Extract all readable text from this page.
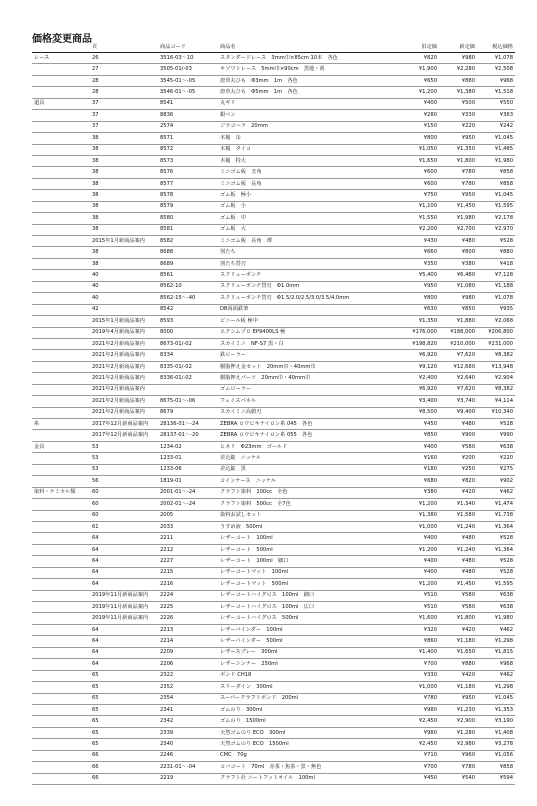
価格変更商品
	頁	商品コード	商品名	旧定価	新定価	税込価格
レース	26	3516-03〜10	スタンダードレース　3mm巾×85cm 10本　各色	¥820	¥980	¥1,078
	27	3505-01/-03	キソワトレース　5mm巾×90cm　黒地・黄	¥1,900	¥2,280	¥2,508
	28	3545-01〜-05	唐草丸ひも　Φ3mm　1m　各色	¥650	¥880	¥968
	28	3546-01〜-05	唐草丸ひも　Φ5mm　1m　各色	¥1,200	¥1,380	¥1,518
道具	37	8541	丸ギリ	¥400	¥500	¥550
	37	8836	銀ペン	¥280	¥330	¥363
	37	2574	ジラコヘラ　20mm	¥150	¥220	¥242
	38	8571	木槌　缶	¥800	¥950	¥1,045
	38	8572	木槌　タイコ	¥1,050	¥1,350	¥1,485
	38	8573	木槌　特大	¥1,650	¥1,800	¥1,980
	38	8576	ミニゴム板　丑角	¥600	¥780	¥858
	38	8577	ミニゴム板　長角	¥600	¥780	¥858
	38	8578	ゴム板　極小	¥750	¥950	¥1,045
	38	8579	ゴム板　小	¥1,100	¥1,450	¥1,595
	38	8580	ゴム板　中	¥1,550	¥1,980	¥2,178
	38	8581	ゴム板　大	¥2,200	¥2,700	¥2,970
	2015年1月新商品案内	8582	ミニゴム板　長角　薄	¥430	¥480	¥528
	38	8688	別たち	¥660	¥800	¥880
	38	8689	別たち替刃	¥350	¥380	¥418
	40	8561	スクリューポンチ	¥5,400	¥6,480	¥7,128
	40	8562-10	スクリューポンチ替刃　Φ1.0mm	¥950	¥1,080	¥1,188
	40	8562-15〜-40	スクリューポンチ替刃　Φ1.5/2.0/2.5/3.0/3.5/4.0mm	¥800	¥980	¥1,078
	42	8542	DB両面鉄筆	¥630	¥850	¥935
	2015年1月新商品案内	8593	ビニール板 極中	¥1,350	¥1,880	¥2,068
	2019年4月新商品案内	8000	エクシムプロ EP9400LS 極	¥176,000	¥188,000	¥206,800
	2021年2月新商品案内	8673-01/-02	スカイミニ　NF-S7 黒・白	¥198,820	¥210,000	¥231,000
	2021年2月新商品案内	8334	鉄ローラー	¥6,920	¥7,620	¥8,382
	2021年2月新商品案内	8335-01/-02	樹脂押え金セット　20mm巾・40mm巾	¥9,120	¥12,680	¥13,948
	2021年2月新商品案内	8336-01/-02	樹脂押えパーツ　20mm巾・40mm巾	¥2,400	¥2,640	¥2,904
	2021年2月新商品案内		ゴムローラー	¥6,920	¥7,620	¥8,382
	2021年2月新商品案内	8675-01〜-06	フェイスパネル	¥3,400	¥3,740	¥4,114
	2021年2月新商品案内	8679	スカイミニ高値刃	¥8,500	¥9,400	¥10,340
糸	2017年12月新商品案内	28136-01〜-24	ZEBRA ロウビキナイロン糸 045　各色	¥450	¥480	¥528
	2017年12月新商品案内	28137-01〜-20	ZEBRA ロウビキナイロン糸 055　各色	¥850	¥900	¥990
金具	53	1234-02	ヒネリ　Φ23mm　ゴールド	¥400	¥580	¥638
	53	1233-01	差込錠　ニッケル	¥160	¥200	¥220
	53	1233-06	差込錠　黒	¥180	¥250	¥275
	56	1819-01	コインケース　ニッケル	¥680	¥820	¥902
染料・ケミカル類	60	2001-01〜-24	クラフト染料　100cc　全色	¥380	¥420	¥462
	60	2002-01〜-24	クラフト染料　500cc　全7色	¥1,200	¥1,340	¥1,474
	60	2005	染料お試しセット	¥1,380	¥1,580	¥1,738
	61	2033	うすめ液　500ml	¥1,000	¥1,240	¥1,364
	64	2211	レザーコート　100ml	¥400	¥480	¥528
	64	2212	レザーコート　500ml	¥1,200	¥1,240	¥1,364
	64	2227	レザーコート　100ml　細口	¥400	¥480	¥528
	64	2215	レザーコートマット　100ml	¥400	¥480	¥528
	64	2216	レザーコートマット　500ml	¥1,200	¥1,450	¥1,595
	2019年11月新商品案内	2224	レザーコートハイグロス　100ml　細口	¥510	¥580	¥638
	2019年11月新商品案内	2225	レザーコートハイグロス　100ml　広口	¥510	¥580	¥638
	2019年11月新商品案内	2226	レザーコートハイグロス　500ml	¥1,600	¥1,800	¥1,980
	64	2213	レザーバインダー　100ml	¥320	¥420	¥462
	64	2214	レザーバインダー　500ml	¥860	¥1,180	¥1,298
	64	2209	レザースプレー　300ml	¥1,400	¥1,650	¥1,815
	64	2206	レザーシンナー　250ml	¥700	¥880	¥968
	65	2322	ボンド CH18	¥330	¥420	¥462
	65	2352	スリーダイン　300ml	¥1,000	¥1,180	¥1,298
	65	2354	スーパークラフトボンド　200ml	¥780	¥950	¥1,045
	65	2341	ゴムのり　300ml	¥980	¥1,230	¥1,353
	65	2342	ゴムのり　1500ml	¥2,450	¥2,900	¥3,190
	65	2339	天然ゴムのり ECO　300ml	¥980	¥1,280	¥1,408
	65	2340	天然ゴムのり ECO　1500ml	¥2,450	¥2,980	¥3,278
	66	2246	CMC　70g	¥710	¥960	¥1,056
	66	2231-01〜-04	コバコート　70ml　赤茶・焦茶・黒・無色	¥700	¥780	¥858
	66	2219	クラフト社 ニートフットオイル　100ml	¥450	¥540	¥594
